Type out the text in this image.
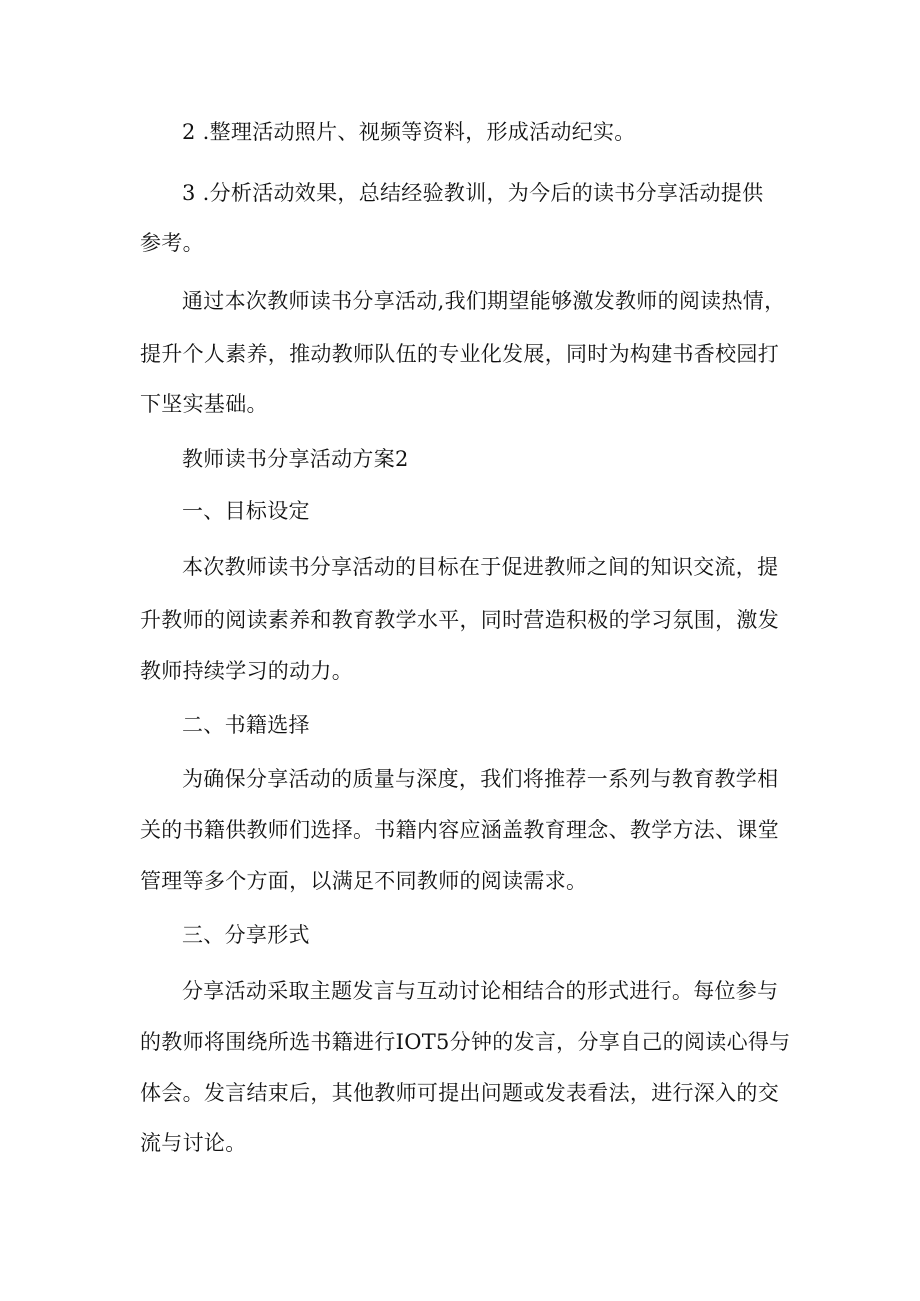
2 .整理活动照片、视频等资料，形成活动纪实。
3 .分析活动效果，总结经验教训，为今后的读书分享活动提供
参考。
通过本次教师读书分享活动,我们期望能够激发教师的阅读热情，
提升个人素养，推动教师队伍的专业化发展，同时为构建书香校园打
下坚实基础。
教师读书分享活动方案2
一、目标设定
本次教师读书分享活动的目标在于促进教师之间的知识交流，提
升教师的阅读素养和教育教学水平，同时营造积极的学习氛围，激发
教师持续学习的动力。
二、书籍选择
为确保分享活动的质量与深度，我们将推荐一系列与教育教学相
关的书籍供教师们选择。书籍内容应涵盖教育理念、教学方法、课堂
管理等多个方面，以满足不同教师的阅读需求。
三、分享形式
分享活动采取主题发言与互动讨论相结合的形式进行。每位参与
的教师将围绕所选书籍进行IOT5分钟的发言，分享自己的阅读心得与
体会。发言结束后，其他教师可提出问题或发表看法，进行深入的交
流与讨论。
